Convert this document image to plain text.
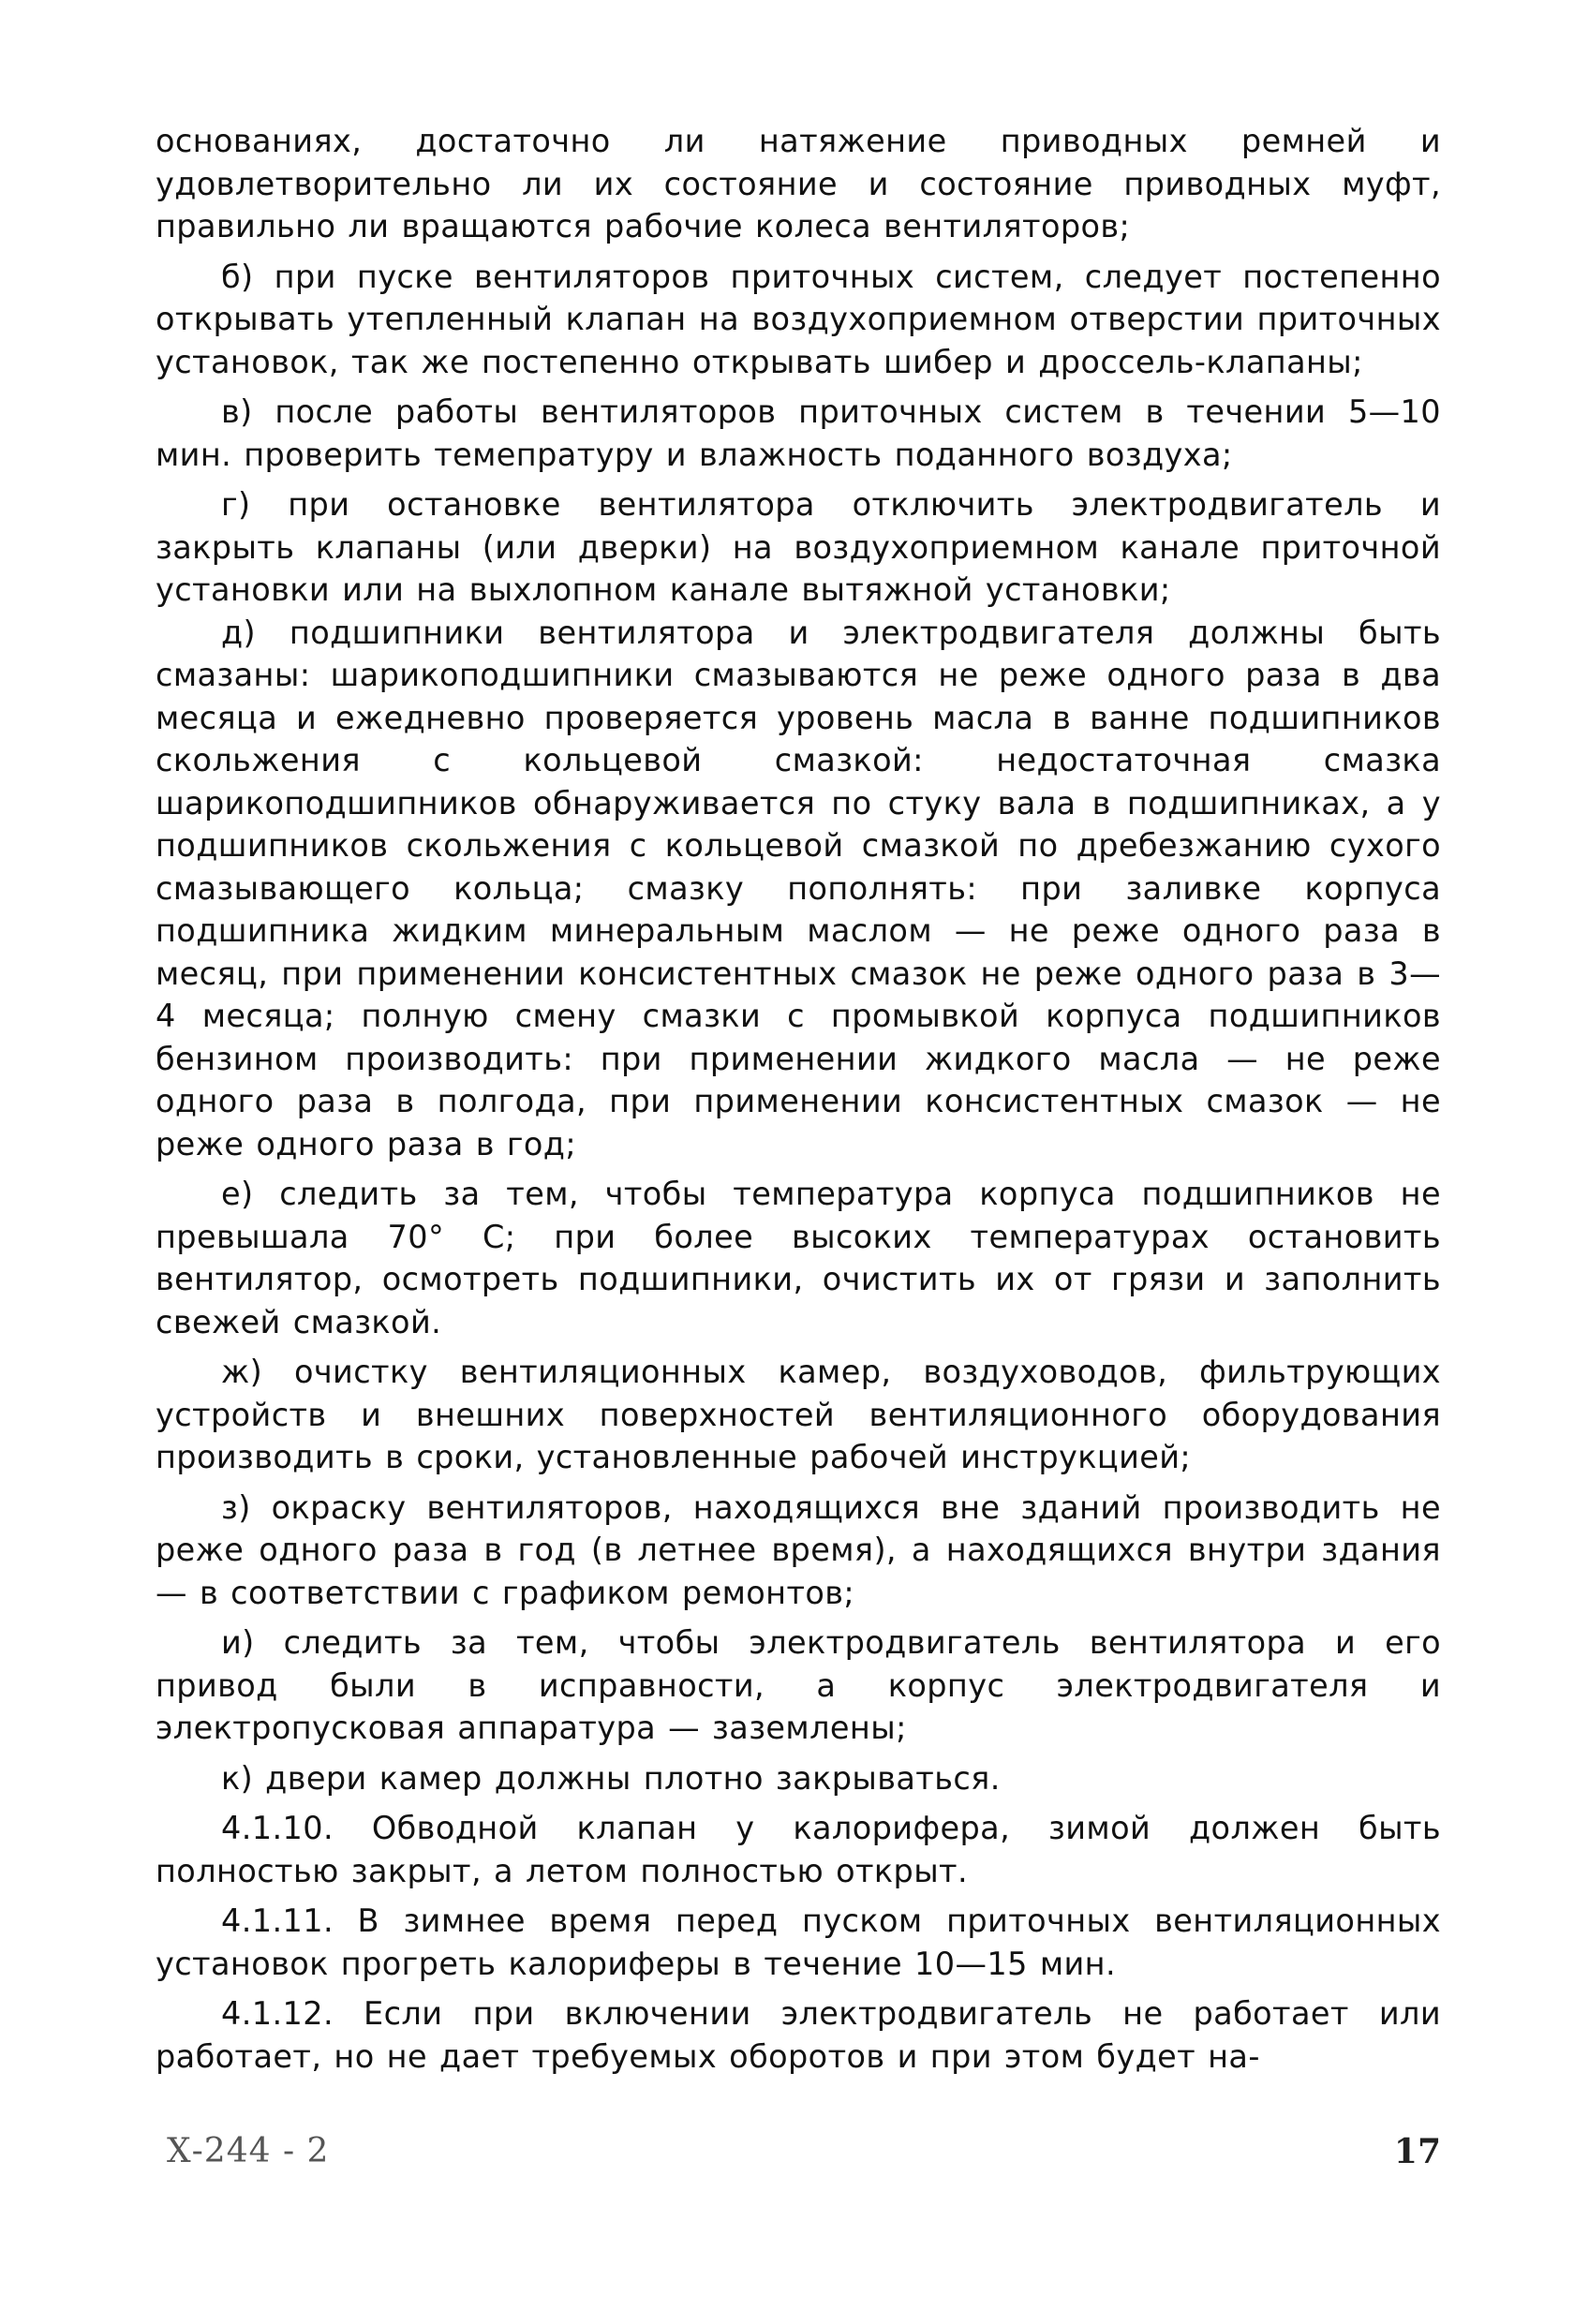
основаниях, достаточно ли натяжение приводных ремней и удовлетворительно ли их состояние и состояние приводных муфт, правильно ли вращаются рабочие колеса вентиляторов;

б) при пуске вентиляторов приточных систем, следует постепенно открывать утепленный клапан на воздухоприемном отверстии приточных установок, так же постепенно открывать шибер и дроссель-клапаны;

в) после работы вентиляторов приточных систем в течении 5—10 мин. проверить темепратуру и влажность поданного воздуха;

г) при остановке вентилятора отключить электродвигатель и закрыть клапаны (или дверки) на воздухоприемном канале приточной установки или на выхлопном канале вытяжной установки;

д) подшипники вентилятора и электродвигателя должны быть смазаны: шарикоподшипники смазываются не реже одного раза в два месяца и ежедневно проверяется уровень масла в ванне подшипников скольжения с кольцевой смазкой: недостаточная смазка шарикоподшипников обнаруживается по стуку вала в подшипниках, а у подшипников скольжения с кольцевой смазкой по дребезжанию сухого смазывающего кольца; смазку пополнять: при заливке корпуса подшипника жидким минеральным маслом — не реже одного раза в месяц, при применении консистентных смазок не реже одного раза в 3—4 месяца; полную смену смазки с промывкой корпуса подшипников бензином производить: при применении жидкого масла — не реже одного раза в полгода, при применении консистентных смазок — не реже одного раза в год;

е) следить за тем, чтобы температура корпуса подшипников не превышала 70° С; при более высоких температурах остановить вентилятор, осмотреть подшипники, очистить их от грязи и заполнить свежей смазкой.

ж) очистку вентиляционных камер, воздуховодов, фильтрующих устройств и внешних поверхностей вентиляционного оборудования производить в сроки, установленные рабочей инструкцией;

з) окраску вентиляторов, находящихся вне зданий производить не реже одного раза в год (в летнее время), а находящихся внутри здания — в соответствии с графиком ремонтов;

и) следить за тем, чтобы электродвигатель вентилятора и его привод были в исправности, а корпус электродвигателя и электропусковая аппаратура — заземлены;

к) двери камер должны плотно закрываться.

4.1.10. Обводной клапан у калорифера, зимой должен быть полностью закрыт, а летом полностью открыт.

4.1.11. В зимнее время перед пуском приточных вентиляционных установок прогреть калориферы в течение 10—15 мин.

4.1.12. Если при включении электродвигатель не работает или работает, но не дает требуемых оборотов и при этом будет на-

Х-244 - 2	17
